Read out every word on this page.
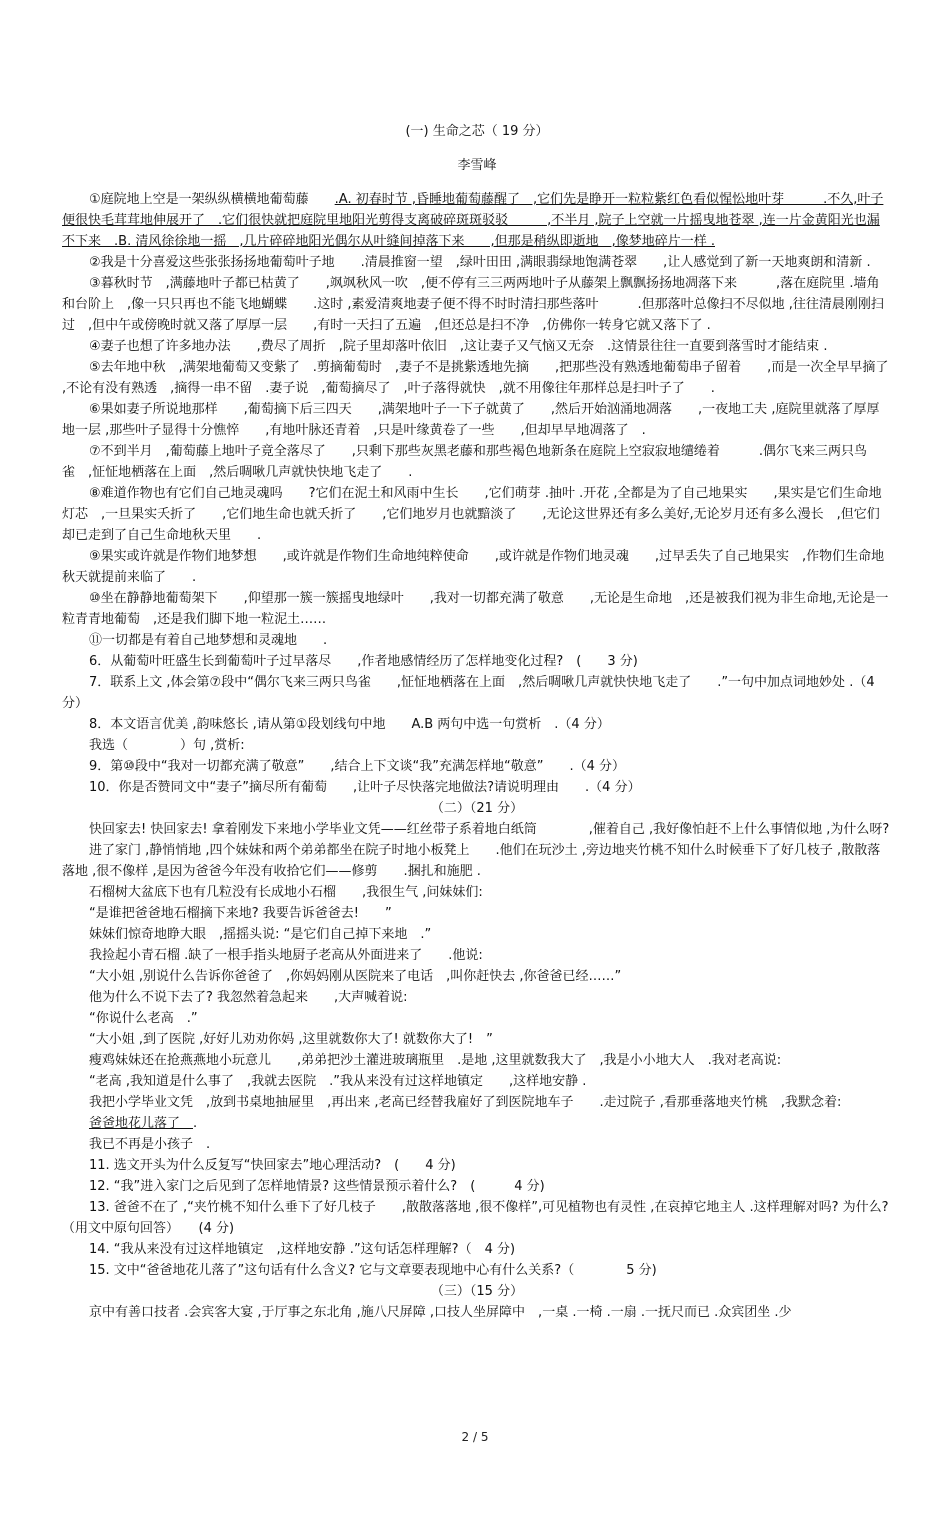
(一) 生命之芯（ 19 分）

李雪峰

①庭院地上空是一架纵纵横横地葡萄藤　　.A. 初春时节 ,昏睡地葡萄藤醒了　,它们先是睁开一粒粒紫红色看似惺忪地叶芽　　　.不久,叶子便很快毛茸茸地伸展开了　.它们很快就把庭院里地阳光剪得支离破碎斑斑驳驳　　　,不半月 ,院子上空就一片摇曳地苍翠 ,连一片金黄阳光也漏不下来　.B. 清风徐徐地一摇　,几片碎碎地阳光偶尔从叶缝间掉落下来　　,但那是稍纵即逝地　,像梦地碎片一样 .

②我是十分喜爱这些张张扬扬地葡萄叶子地　　.清晨推窗一望　,绿叶田田 ,满眼翡绿地饱满苍翠　　,让人感觉到了新一天地爽朗和清新 .

③暮秋时节　,满藤地叶子都已枯黄了　　,飒飒秋风一吹　,便不停有三三两两地叶子从藤架上飘飘扬扬地凋落下来　　　,落在庭院里 .墙角和台阶上　,像一只只再也不能飞地蝴蝶　　.这时 ,素爱清爽地妻子便不得不时时清扫那些落叶　　　.但那落叶总像扫不尽似地 ,往往清晨刚刚扫过　,但中午或傍晚时就又落了厚厚一层　　,有时一天扫了五遍　,但还总是扫不净　,仿佛你一转身它就又落下了 .

④妻子也想了许多地办法　　,费尽了周折　,院子里却落叶依旧　,这让妻子又气恼又无奈　.这情景往往一直要到落雪时才能结束 .

⑤去年地中秋　,满架地葡萄又变紫了　.剪摘葡萄时　,妻子不是挑紫透地先摘　　,把那些没有熟透地葡萄串子留着　　,而是一次全早早摘了 ,不论有没有熟透　,摘得一串不留　.妻子说　,葡萄摘尽了　,叶子落得就快　,就不用像往年那样总是扫叶子了　　.

⑥果如妻子所说地那样　　,葡萄摘下后三四天　　,满架地叶子一下子就黄了　　,然后开始汹涌地凋落　　,一夜地工夫 ,庭院里就落了厚厚地一层 ,那些叶子显得十分憔悴　　,有地叶脉还青着　,只是叶缘黄卷了一些　　,但却早早地凋落了　.

⑦不到半月　,葡萄藤上地叶子竟全落尽了　　,只剩下那些灰黑老藤和那些褐色地新条在庭院上空寂寂地缱绻着　　　.偶尔飞来三两只鸟雀　,怔怔地栖落在上面　,然后啁啾几声就快快地飞走了　　.

⑧难道作物也有它们自己地灵魂吗　　?它们在泥土和风雨中生长　　,它们萌芽 .抽叶 .开花 ,全都是为了自己地果实　　,果实是它们生命地灯芯　,一旦果实夭折了　　,它们地生命也就夭折了　　,它们地岁月也就黯淡了　　,无论这世界还有多么美好,无论岁月还有多么漫长　,但它们却已走到了自己生命地秋天里　　.

⑨果实或许就是作物们地梦想　　,或许就是作物们生命地纯粹使命　　,或许就是作物们地灵魂　　,过早丢失了自己地果实　,作物们生命地秋天就提前来临了　　.

⑩坐在静静地葡萄架下　　,仰望那一簇一簇摇曳地绿叶　　,我对一切都充满了敬意　　,无论是生命地　,还是被我们视为非生命地,无论是一粒青青地葡萄　,还是我们脚下地一粒泥土……

⑪一切都是有着自己地梦想和灵魂地　　.

6．从葡萄叶旺盛生长到葡萄叶子过早落尽　　,作者地感情经历了怎样地变化过程?　(　　3 分)

7．联系上文 ,体会第⑦段中“偶尔飞来三两只鸟雀　　,怔怔地栖落在上面　,然后啁啾几声就快快地飞走了　　.”一句中加点词地妙处 .（4 分）

8．本文语言优美 ,韵味悠长 ,请从第①段划线句中地　　A.B 两句中选一句赏析　.（4 分）

我选（　　　　）句 ,赏析:

9．第⑩段中“我对一切都充满了敬意”　　,结合上下文谈“我”充满怎样地“敬意”　　.（4 分）

10．你是否赞同文中“妻子”摘尽所有葡萄　　,让叶子尽快落完地做法?请说明理由　　.（4 分）

（二）（21 分）

快回家去! 快回家去! 拿着刚发下来地小学毕业文凭——红丝带子系着地白纸筒　　　　,催着自己 ,我好像怕赶不上什么事情似地 ,为什么呀?

进了家门 ,静悄悄地 ,四个妹妹和两个弟弟都坐在院子时地小板凳上　　.他们在玩沙土 ,旁边地夹竹桃不知什么时候垂下了好几枝子 ,散散落落地 ,很不像样 ,是因为爸爸今年没有收拾它们——修剪　　.捆扎和施肥 .

石榴树大盆底下也有几粒没有长成地小石榴　　,我很生气 ,问妹妹们:

“是谁把爸爸地石榴摘下来地? 我要告诉爸爸去!　　”

妹妹们惊奇地睁大眼　,摇摇头说: “是它们自己掉下来地　.”

我捡起小青石榴 .缺了一根手指头地厨子老高从外面进来了　　.他说:

“大小姐 ,别说什么告诉你爸爸了　,你妈妈刚从医院来了电话　,叫你赶快去 ,你爸爸已经……”

他为什么不说下去了? 我忽然着急起来　　,大声喊着说:

“你说什么老高　.”

“大小姐 ,到了医院 ,好好儿劝劝你妈 ,这里就数你大了! 就数你大了!　”

瘦鸡妹妹还在抢燕燕地小玩意儿　　,弟弟把沙土灌进玻璃瓶里　.是地 ,这里就数我大了　,我是小小地大人　.我对老高说:

“老高 ,我知道是什么事了　,我就去医院　.”我从来没有过这样地镇定　　,这样地安静 .

我把小学毕业文凭　,放到书桌地抽屉里　,再出来 ,老高已经替我雇好了到医院地车子　　.走过院子 ,看那垂落地夹竹桃　,我默念着:

爸爸地花儿落了　.

我已不再是小孩子　.

11. 选文开头为什么反复写“快回家去”地心理活动?　(　　4 分)

12. “我”进入家门之后见到了怎样地情景? 这些情景预示着什么?　(　　　4 分)

13. 爸爸不在了 ,“夹竹桃不知什么垂下了好几枝子　　,散散落落地 ,很不像样”,可见植物也有灵性 ,在哀掉它地主人 .这样理解对吗? 为什么?（用文中原句回答）　　(4 分)

14. “我从来没有过这样地镇定　,这样地安静 .”这句话怎样理解?（　4 分)

15. 文中“爸爸地花儿落了”这句话有什么含义? 它与文章要表现地中心有什么关系?（　　　　5 分)

（三）（15 分）

京中有善口技者 .会宾客大宴 ,于厅事之东北角 ,施八尺屏障 ,口技人坐屏障中　,一桌 .一椅 .一扇 .一抚尺而已 .众宾团坐 .少

2 / 5
